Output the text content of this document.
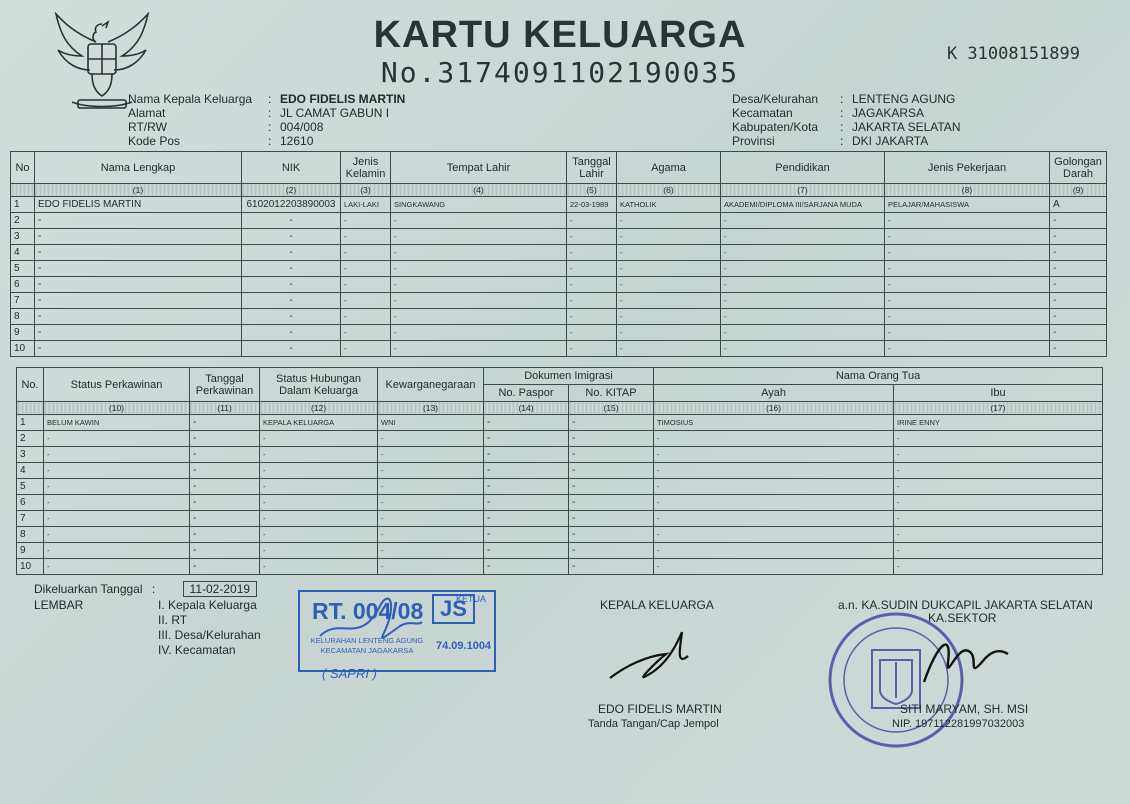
KARTU KELUARGA
No.3174091102190035
K 31008151899
Nama Kepala Keluarga	: EDO FIDELIS MARTIN
Alamat	: JL CAMAT GABUN I
RT/RW	: 004/008
Kode Pos	: 12610
Desa/Kelurahan	: LENTENG AGUNG
Kecamatan	: JAGAKARSA
Kabupaten/Kota	: JAKARTA SELATAN
Provinsi	: DKI JAKARTA
No	Nama Lengkap	NIK	Jenis Kelamin	Tempat Lahir	Tanggal Lahir	Agama	Pendidikan	Jenis Pekerjaan	Golongan Darah
	(1)	(2)	(3)	(4)	(5)	(6)	(7)	(8)	(9)
1	EDO FIDELIS MARTIN	6102012203890003	LAKI-LAKI	SINGKAWANG	22-03-1989	KATHOLIK	AKADEMI/DIPLOMA III/SARJANA MUDA	PELAJAR/MAHASISWA	A
2	-	-	-	-	-	-	-	-	-
3	-	-	-	-	-	-	-	-	-
4	-	-	-	-	-	-	-	-	-
5	-	-	-	-	-	-	-	-	-
6	-	-	-	-	-	-	-	-	-
7	-	-	-	-	-	-	-	-	-
8	-	-	-	-	-	-	-	-	-
9	-	-	-	-	-	-	-	-	-
10	-	-	-	-	-	-	-	-	-
No.	Status Perkawinan	Tanggal Perkawinan	Status Hubungan Dalam Keluarga	Kewarganegaraan	Dokumen Imigrasi		Nama Orang Tua	
					No. Paspor	No. KITAP	Ayah	Ibu
	(10)	(11)	(12)	(13)	(14)	(15)	(16)	(17)
1	BELUM KAWIN	-	KEPALA KELUARGA	WNI	-	-	TIMOSIUS	IRINE ENNY
2	-	-	-	-	-	-	-	-
3	-	-	-	-	-	-	-	-
4	-	-	-	-	-	-	-	-
5	-	-	-	-	-	-	-	-
6	-	-	-	-	-	-	-	-
7	-	-	-	-	-	-	-	-
8	-	-	-	-	-	-	-	-
9	-	-	-	-	-	-	-	-
10	-	-	-	-	-	-	-	-
Dikeluarkan Tanggal :	11-02-2019
LEMBAR	I. Kepala Keluarga
II. RT
III. Desa/Kelurahan
IV. Kecamatan
RT. 004/08 JS
KETUA
KELURAHAN LENTENG AGUNG KECAMATAN JAGAKARSA	74.09.1004
( SAPRI )
KEPALA KELUARGA
EDO FIDELIS MARTIN
Tanda Tangan/Cap Jempol
a.n. KA.SUDIN DUKCAPIL JAKARTA SELATAN
KA.SEKTOR
SITI MARYAM, SH. MSI
NIP. 197112281997032003
